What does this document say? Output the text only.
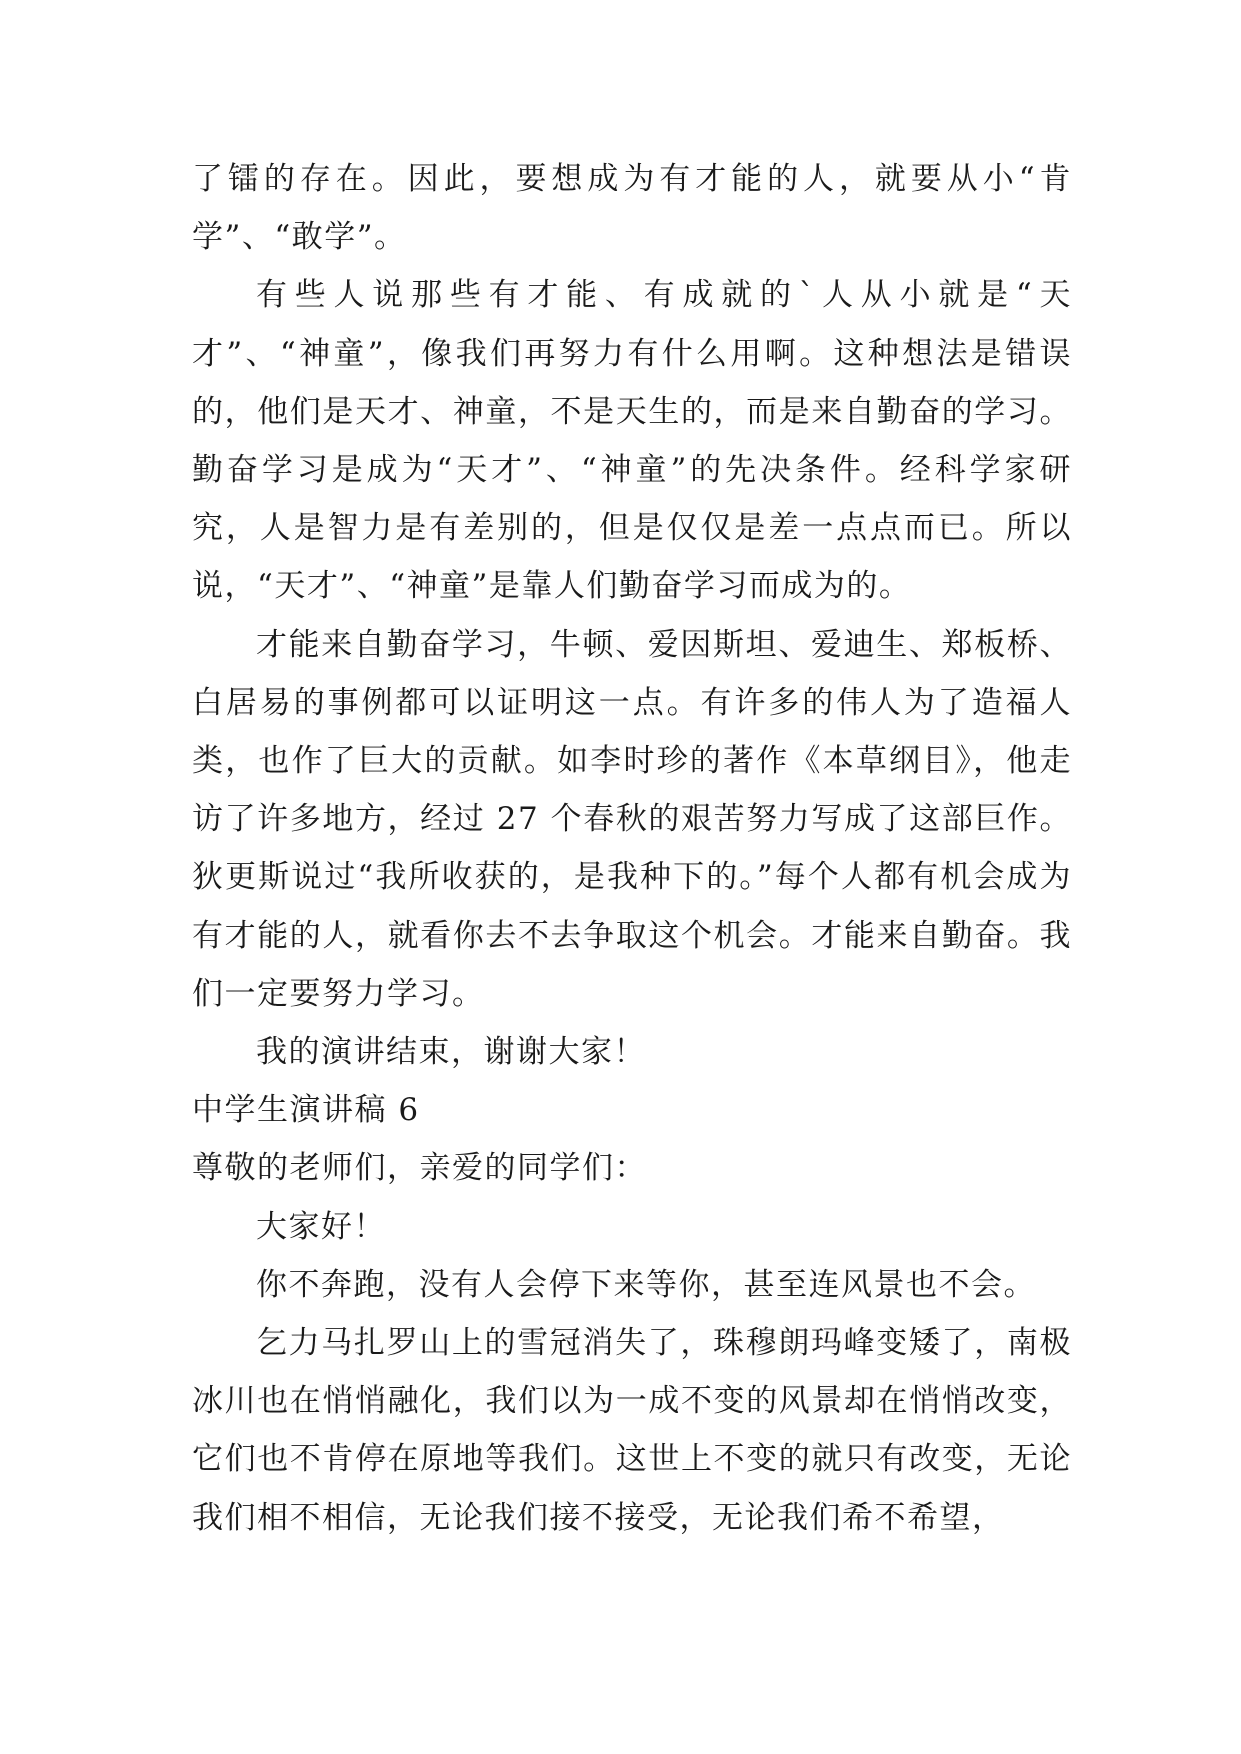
了镭的存在。因此，要想成为有才能的人，就要从小“肯学”、“敢学”。

有些人说那些有才能、有成就的`人从小就是“天才”、“神童”，像我们再努力有什么用啊。这种想法是错误的，他们是天才、神童，不是天生的，而是来自勤奋的学习。勤奋学习是成为“天才”、“神童”的先决条件。经科学家研究，人是智力是有差别的，但是仅仅是差一点点而已。所以说，“天才”、“神童”是靠人们勤奋学习而成为的。

才能来自勤奋学习，牛顿、爱因斯坦、爱迪生、郑板桥、白居易的事例都可以证明这一点。有许多的伟人为了造福人类，也作了巨大的贡献。如李时珍的著作《本草纲目》，他走访了许多地方，经过 27 个春秋的艰苦努力写成了这部巨作。狄更斯说过“我所收获的，是我种下的。”每个人都有机会成为有才能的人，就看你去不去争取这个机会。才能来自勤奋。我们一定要努力学习。

我的演讲结束，谢谢大家！

中学生演讲稿 6

尊敬的老师们，亲爱的同学们：

大家好！

你不奔跑，没有人会停下来等你，甚至连风景也不会。

乞力马扎罗山上的雪冠消失了，珠穆朗玛峰变矮了，南极冰川也在悄悄融化，我们以为一成不变的风景却在悄悄改变，它们也不肯停在原地等我们。这世上不变的就只有改变，无论我们相不相信，无论我们接不接受，无论我们希不希望，
